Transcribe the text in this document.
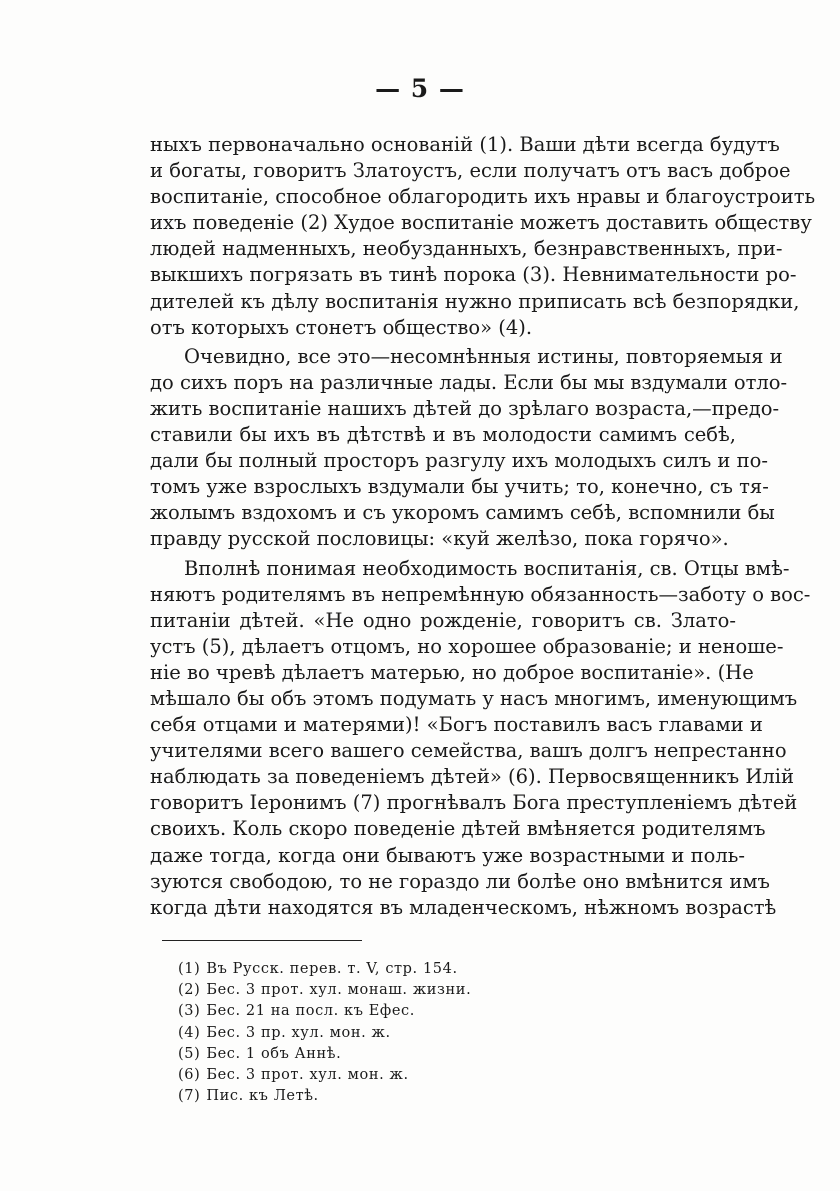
— 5 —

ныхъ первоначально основаній (1). Ваши дѣти всегда будутъ
и богаты, говоритъ Златоустъ, если получатъ отъ васъ доброе
воспитаніе, способное облагородить ихъ нравы и благоустроить
ихъ поведеніе (2) Худое воспитаніе можетъ доставить обществу
людей надменныхъ, необузданныхъ, безнравственныхъ, при-
выкшихъ погрязать въ тинѣ порока (3). Невнимательности ро-
дителей къ дѣлу воспитанія нужно приписать всѣ безпорядки,
отъ которыхъ стонетъ общество» (4).

Очевидно, все это—несомнѣнныя истины, повторяемыя и
до сихъ поръ на различные лады. Если бы мы вздумали отло-
жить воспитаніе нашихъ дѣтей до зрѣлаго возраста,—предо-
ставили бы ихъ въ дѣтствѣ и въ молодости самимъ себѣ,
дали бы полный просторъ разгулу ихъ молодыхъ силъ и по-
томъ уже взрослыхъ вздумали бы учить; то, конечно, съ тя-
жолымъ вздохомъ и съ укоромъ самимъ себѣ, вспомнили бы
правду русской пословицы: «куй желѣзо, пока горячо».

Вполнѣ понимая необходимость воспитанія, св. Отцы вмѣ-
няютъ родителямъ въ непремѣнную обязанность—заботу о вос-
питаніи дѣтей. «Не одно рожденіе, говоритъ св. Злато-
устъ (5), дѣлаетъ отцомъ, но хорошее образованіе; и неноше-
ніе во чревѣ дѣлаетъ матерью, но доброе воспитаніе». (Не
мѣшало бы объ этомъ подумать у насъ многимъ, именующимъ
себя отцами и матерями)! «Богъ поставилъ васъ главами и
учителями всего вашего семейства, вашъ долгъ непрестанно
наблюдать за поведеніемъ дѣтей» (6). Первосвященникъ Илій
говоритъ Іеронимъ (7) прогнѣвалъ Бога преступленіемъ дѣтей
своихъ. Коль скоро поведеніе дѣтей вмѣняется родителямъ
даже тогда, когда они бываютъ уже возрастными и поль-
зуются свободою, то не гораздо ли болѣе оно вмѣнится имъ
когда дѣти находятся въ младенческомъ, нѣжномъ возрастѣ

(1) Въ Русск. перев. т. V, стр. 154.
(2) Бес. 3 прот. хул. монаш. жизни.
(3) Бес. 21 на посл. къ Ефес.
(4) Бес. 3 пр. хул. мон. ж.
(5) Бес. 1 объ Аннѣ.
(6) Бес. 3 прот. хул. мон. ж.
(7) Пис. къ Летѣ.
